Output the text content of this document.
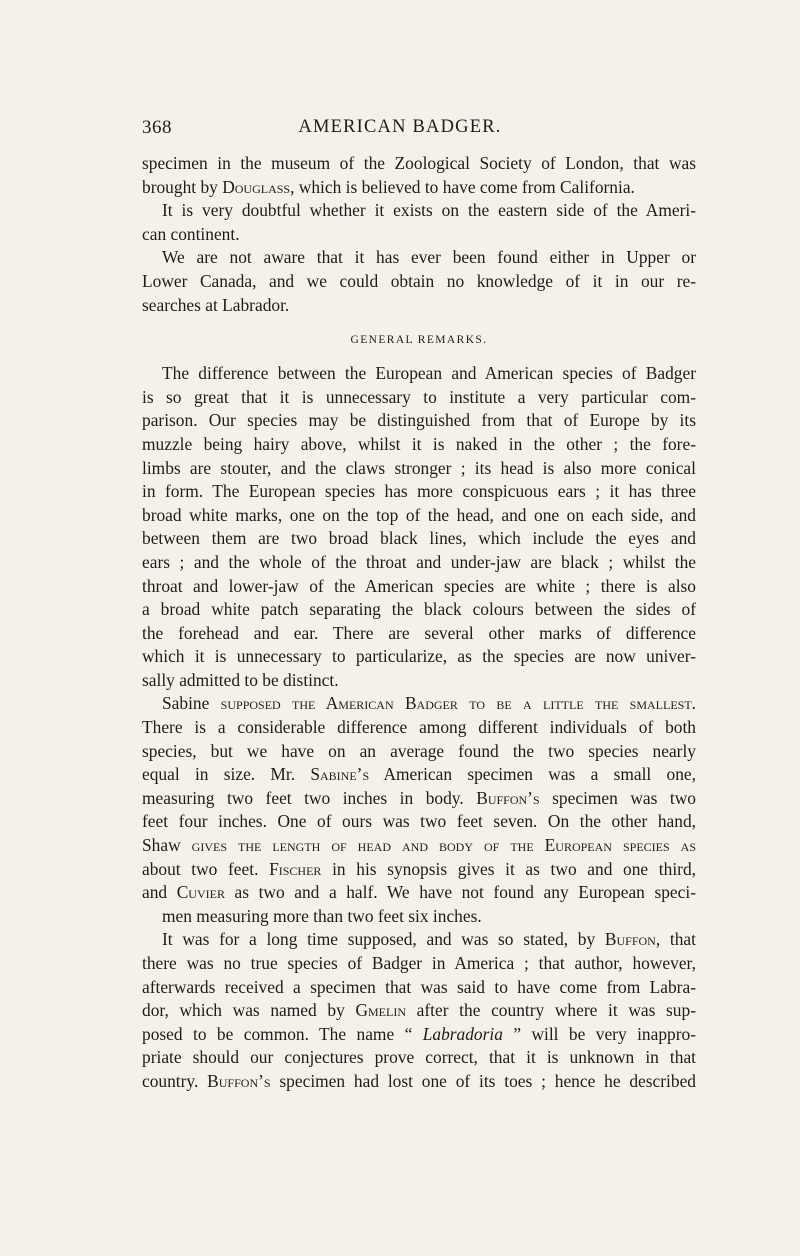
368	AMERICAN BADGER.
specimen in the museum of the Zoological Society of London, that was
brought by Douglass, which is believed to have come from California.
It is very doubtful whether it exists on the eastern side of the Ameri-
can continent.
We are not aware that it has ever been found either in Upper or
Lower Canada, and we could obtain no knowledge of it in our re-
searches at Labrador.
GENERAL REMARKS.
The difference between the European and American species of Badger
is so great that it is unnecessary to institute a very particular com-
parison. Our species may be distinguished from that of Europe by its
muzzle being hairy above, whilst it is naked in the other ; the fore-
limbs are stouter, and the claws stronger ; its head is also more conical
in form. The European species has more conspicuous ears ; it has three
broad white marks, one on the top of the head, and one on each side, and
between them are two broad black lines, which include the eyes and
ears ; and the whole of the throat and under-jaw are black ; whilst the
throat and lower-jaw of the American species are white ; there is also
a broad white patch separating the black colours between the sides of
the forehead and ear. There are several other marks of difference
which it is unnecessary to particularize, as the species are now univer-
sally admitted to be distinct.
Sabine supposed the American Badger to be a little the smallest.
There is a considerable difference among different individuals of both
species, but we have on an average found the two species nearly
equal in size. Mr. Sabine’s American specimen was a small one,
measuring two feet two inches in body. Buffon’s specimen was two
feet four inches. One of ours was two feet seven. On the other hand,
Shaw gives the length of head and body of the European species as
about two feet. Fischer in his synopsis gives it as two and one third,
and Cuvier as two and a half. We have not found any European speci-
men measuring more than two feet six inches.
It was for a long time supposed, and was so stated, by Buffon, that
there was no true species of Badger in America ; that author, however,
afterwards received a specimen that was said to have come from Labra-
dor, which was named by Gmelin after the country where it was sup-
posed to be common. The name “ Labradoria ” will be very inappro-
priate should our conjectures prove correct, that it is unknown in that
country. Buffon’s specimen had lost one of its toes ; hence he described
